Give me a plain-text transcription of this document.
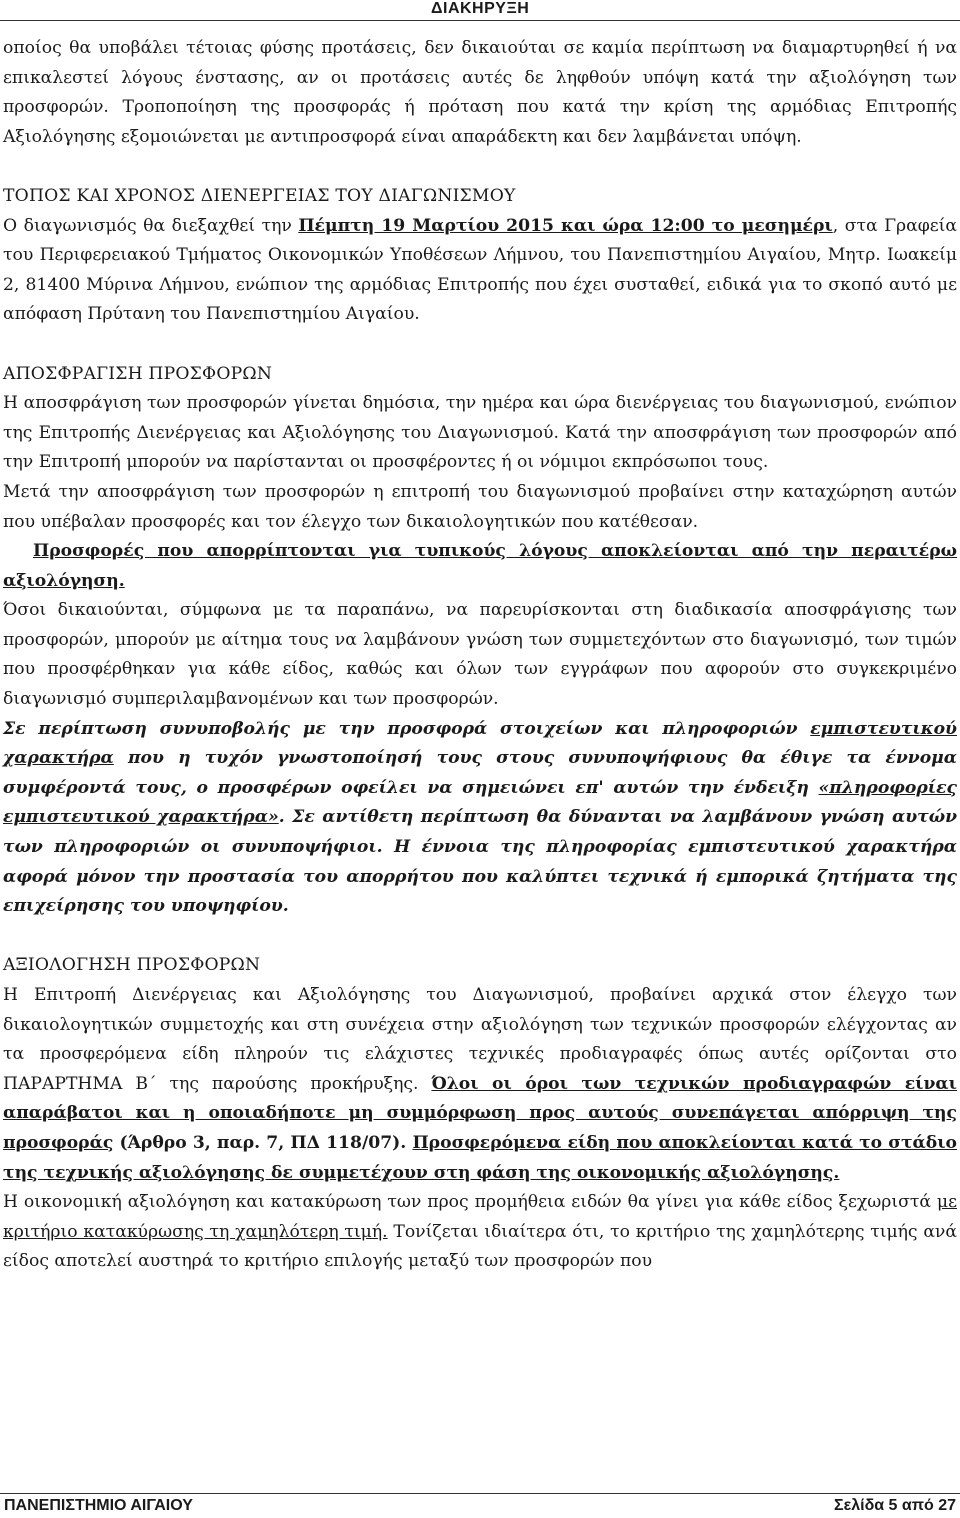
ΔΙΑΚΗΡΥΞΗ

οποίος θα υποβάλει τέτοιας φύσης προτάσεις, δεν δικαιούται σε καμία περίπτωση να διαμαρτυρηθεί ή να επικαλεστεί λόγους ένστασης, αν οι προτάσεις αυτές δε ληφθούν υπόψη κατά την αξιολόγηση των προσφορών. Τροποποίηση της προσφοράς ή πρόταση που κατά την κρίση της αρμόδιας Επιτροπής Αξιολόγησης εξομοιώνεται με αντιπροσφορά είναι απαράδεκτη και δεν λαμβάνεται υπόψη.

ΤΟΠΟΣ ΚΑΙ ΧΡΟΝΟΣ ΔΙΕΝΕΡΓΕΙΑΣ ΤΟΥ ΔΙΑΓΩΝΙΣΜΟΥ

Ο διαγωνισμός θα διεξαχθεί την Πέμπτη 19 Μαρτίου 2015 και ώρα 12:00 το μεσημέρι, στα Γραφεία του Περιφερειακού Τμήματος Οικονομικών Υποθέσεων Λήμνου, του Πανεπιστημίου Αιγαίου, Μητρ. Ιωακείμ 2, 81400 Μύρινα Λήμνου, ενώπιον της αρμόδιας Επιτροπής που έχει συσταθεί, ειδικά για το σκοπό αυτό με απόφαση Πρύτανη του Πανεπιστημίου Αιγαίου.

ΑΠΟΣΦΡΑΓΙΣΗ ΠΡΟΣΦΟΡΩΝ

Η αποσφράγιση των προσφορών γίνεται δημόσια, την ημέρα και ώρα διενέργειας του διαγωνισμού, ενώπιον της Επιτροπής Διενέργειας και Αξιολόγησης του Διαγωνισμού. Κατά την αποσφράγιση των προσφορών από την Επιτροπή μπορούν να παρίστανται οι προσφέροντες ή οι νόμιμοι εκπρόσωποι τους.

Μετά την αποσφράγιση των προσφορών η επιτροπή του διαγωνισμού προβαίνει στην καταχώρηση αυτών που υπέβαλαν προσφορές και τον έλεγχο των δικαιολογητικών που κατέθεσαν.

Προσφορές που απορρίπτονται για τυπικούς λόγους αποκλείονται από την περαιτέρω αξιολόγηση.

Όσοι δικαιούνται, σύμφωνα με τα παραπάνω, να παρευρίσκονται στη διαδικασία αποσφράγισης των προσφορών, μπορούν με αίτημα τους να λαμβάνουν γνώση των συμμετεχόντων στο διαγωνισμό, των τιμών που προσφέρθηκαν για κάθε είδος, καθώς και όλων των εγγράφων που αφορούν στο συγκεκριμένο διαγωνισμό συμπεριλαμβανομένων και των προσφορών.

Σε περίπτωση συνυποβολής με την προσφορά στοιχείων και πληροφοριών εμπιστευτικού χαρακτήρα που η τυχόν γνωστοποίησή τους στους συνυποψήφιους θα έθιγε τα έννομα συμφέροντά τους, ο προσφέρων οφείλει να σημειώνει επ' αυτών την ένδειξη «πληροφορίες εμπιστευτικού χαρακτήρα». Σε αντίθετη περίπτωση θα δύνανται να λαμβάνουν γνώση αυτών των πληροφοριών οι συνυποψήφιοι. Η έννοια της πληροφορίας εμπιστευτικού χαρακτήρα αφορά μόνον την προστασία του απορρήτου που καλύπτει τεχνικά ή εμπορικά ζητήματα της επιχείρησης του υποψηφίου.

ΑΞΙΟΛΟΓΗΣΗ ΠΡΟΣΦΟΡΩΝ

Η Επιτροπή Διενέργειας και Αξιολόγησης του Διαγωνισμού, προβαίνει αρχικά στον έλεγχο των δικαιολογητικών συμμετοχής και στη συνέχεια στην αξιολόγηση των τεχνικών προσφορών ελέγχοντας αν τα προσφερόμενα είδη πληρούν τις ελάχιστες τεχνικές προδιαγραφές όπως αυτές ορίζονται στο ΠΑΡΑΡΤΗΜΑ Β΄ της παρούσης προκήρυξης. Όλοι οι όροι των τεχνικών προδιαγραφών είναι απαράβατοι και η οποιαδήποτε μη συμμόρφωση προς αυτούς συνεπάγεται απόρριψη της προσφοράς (Άρθρο 3, παρ. 7, ΠΔ 118/07). Προσφερόμενα είδη που αποκλείονται κατά το στάδιο της τεχνικής αξιολόγησης δε συμμετέχουν στη φάση της οικονομικής αξιολόγησης.

Η οικονομική αξιολόγηση και κατακύρωση των προς προμήθεια ειδών θα γίνει για κάθε είδος ξεχωριστά με κριτήριο κατακύρωσης τη χαμηλότερη τιμή. Τονίζεται ιδιαίτερα ότι, το κριτήριο της χαμηλότερης τιμής ανά είδος αποτελεί αυστηρά το κριτήριο επιλογής μεταξύ των προσφορών που

ΠΑΝΕΠΙΣΤΗΜΙΟ ΑΙΓΑΙΟΥ	Σελίδα 5 από 27
